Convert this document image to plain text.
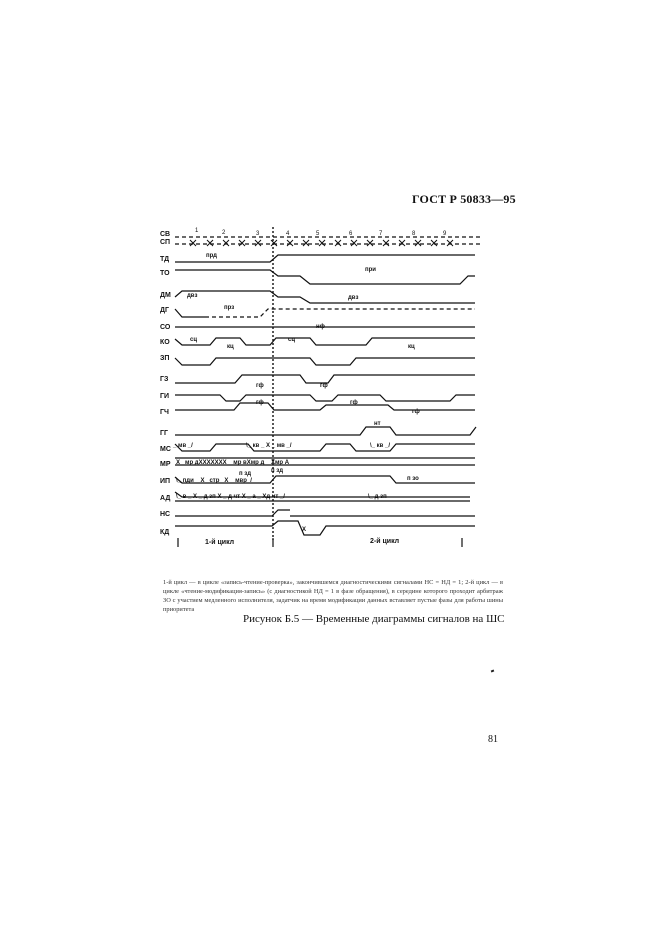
ГОСТ Р 50833—95
СВ
СП
ТД
ТО
ДМ
ДГ
СО
КО
ЗП
ГЗ
ГИ
ГЧ
ГГ
МС
МР
ИП
АД
НС
КД
1	2	3	4	5	6	7	8	9
прд
при
двз	двз
прз
нф
сц
кц
сц
кц
гф	гф
гф	гф
гф
нт
_ мв _/	\_ кв _ Х _ мв _/	\_ кв _/
Х_ мр дХХХХХХХ _ мр вХмр д _ Хмр А
п зд	п зд
\_ пди _ Х_ стр _Х _ мвр_/	п зо
\_ в _ Х _ д зп Х _ д чт Х _ а _ Хд чт _/	\_ д зп
Х
1-й цикл	2-й цикл
1-й цикл — в цикле «запись-чтение-проверка», закончившемся диагностическими сигналами НС = НД = 1; 2-й цикл — в цикле «чтение-модификация-запись» (с диагностикой НД = 1 в фазе обращения), в середине которого проходит арбитраж ЗО с участием медленного исполнителя, задатчик на время модификации данных вставляет пустые фазы для работы шины приоритета
Рисунок Б.5 — Временные диаграммы сигналов на ШС
81
